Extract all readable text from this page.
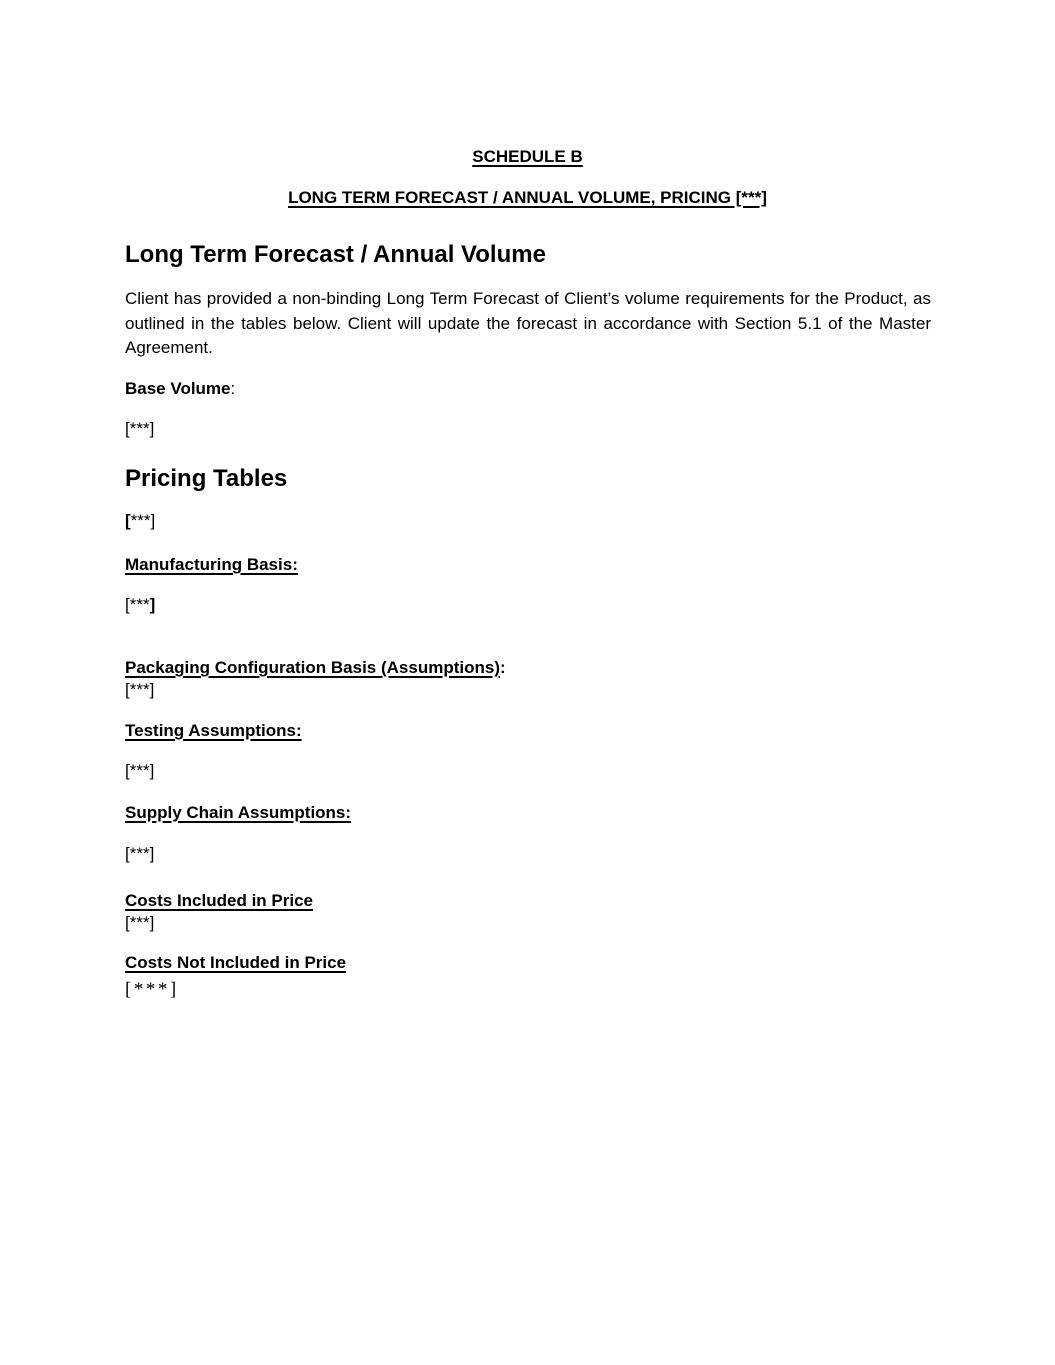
SCHEDULE B
LONG TERM FORECAST / ANNUAL VOLUME, PRICING [***]
Long Term Forecast / Annual Volume
Client has provided a non-binding Long Term Forecast of Client’s volume requirements for the Product, as outlined in the tables below. Client will update the forecast in accordance with Section 5.1 of the Master Agreement.
Base Volume:
[***]
Pricing Tables
[***]
Manufacturing Basis:
[***]
Packaging Configuration Basis (Assumptions):
[***]
Testing Assumptions:
[***]
Supply Chain Assumptions:
[***]
Costs Included in Price
[***]
Costs Not Included in Price
[***]
